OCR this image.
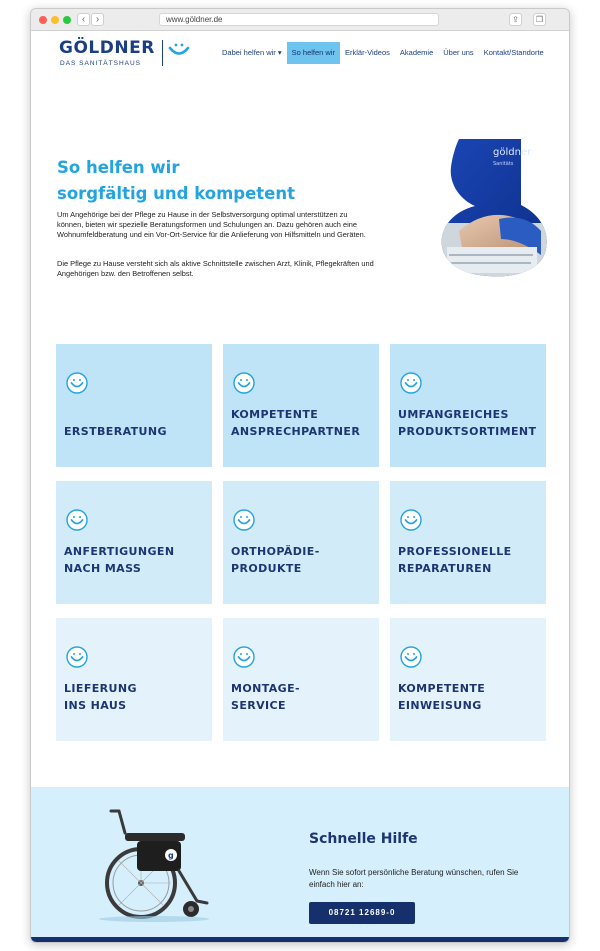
‹	›	www.göldner.de	⇪	❐
GÖLDNER
DAS SANITÄTSHAUS
Dabei helfen wir ▾	So helfen wir	Erklär-Videos	Akademie	Über uns	Kontakt/Standorte
So helfen wir
sorgfältig und kompetent

Um Angehörige bei der Pflege zu Hause in der Selbstversorgung optimal unterstützen zu können, bieten wir spezielle Beratungsformen und Schulungen an. Dazu gehören auch eine Wohnumfeldberatung und ein Vor-Ort-Service für die Anlieferung von Hilfsmitteln und Geräten.

Die Pflege zu Hause versteht sich als aktive Schnittstelle zwischen Arzt, Klinik, Pflegekräften und Angehörigen bzw. den Betroffenen selbst.

göldner
Sanitäts

ERSTBERATUNG
KOMPETENTE
ANSPRECHPARTNER
UMFANGREICHES
PRODUKTSORTIMENT
ANFERTIGUNGEN
NACH MASS
ORTHOPÄDIE-
PRODUKTE
PROFESSIONELLE
REPARATUREN
LIEFERUNG
INS HAUS
MONTAGE-
SERVICE
KOMPETENTE
EINWEISUNG
g
Schnelle Hilfe

Wenn Sie sofort persönliche Beratung wünschen, rufen Sie einfach hier an:

08721 12689-0
